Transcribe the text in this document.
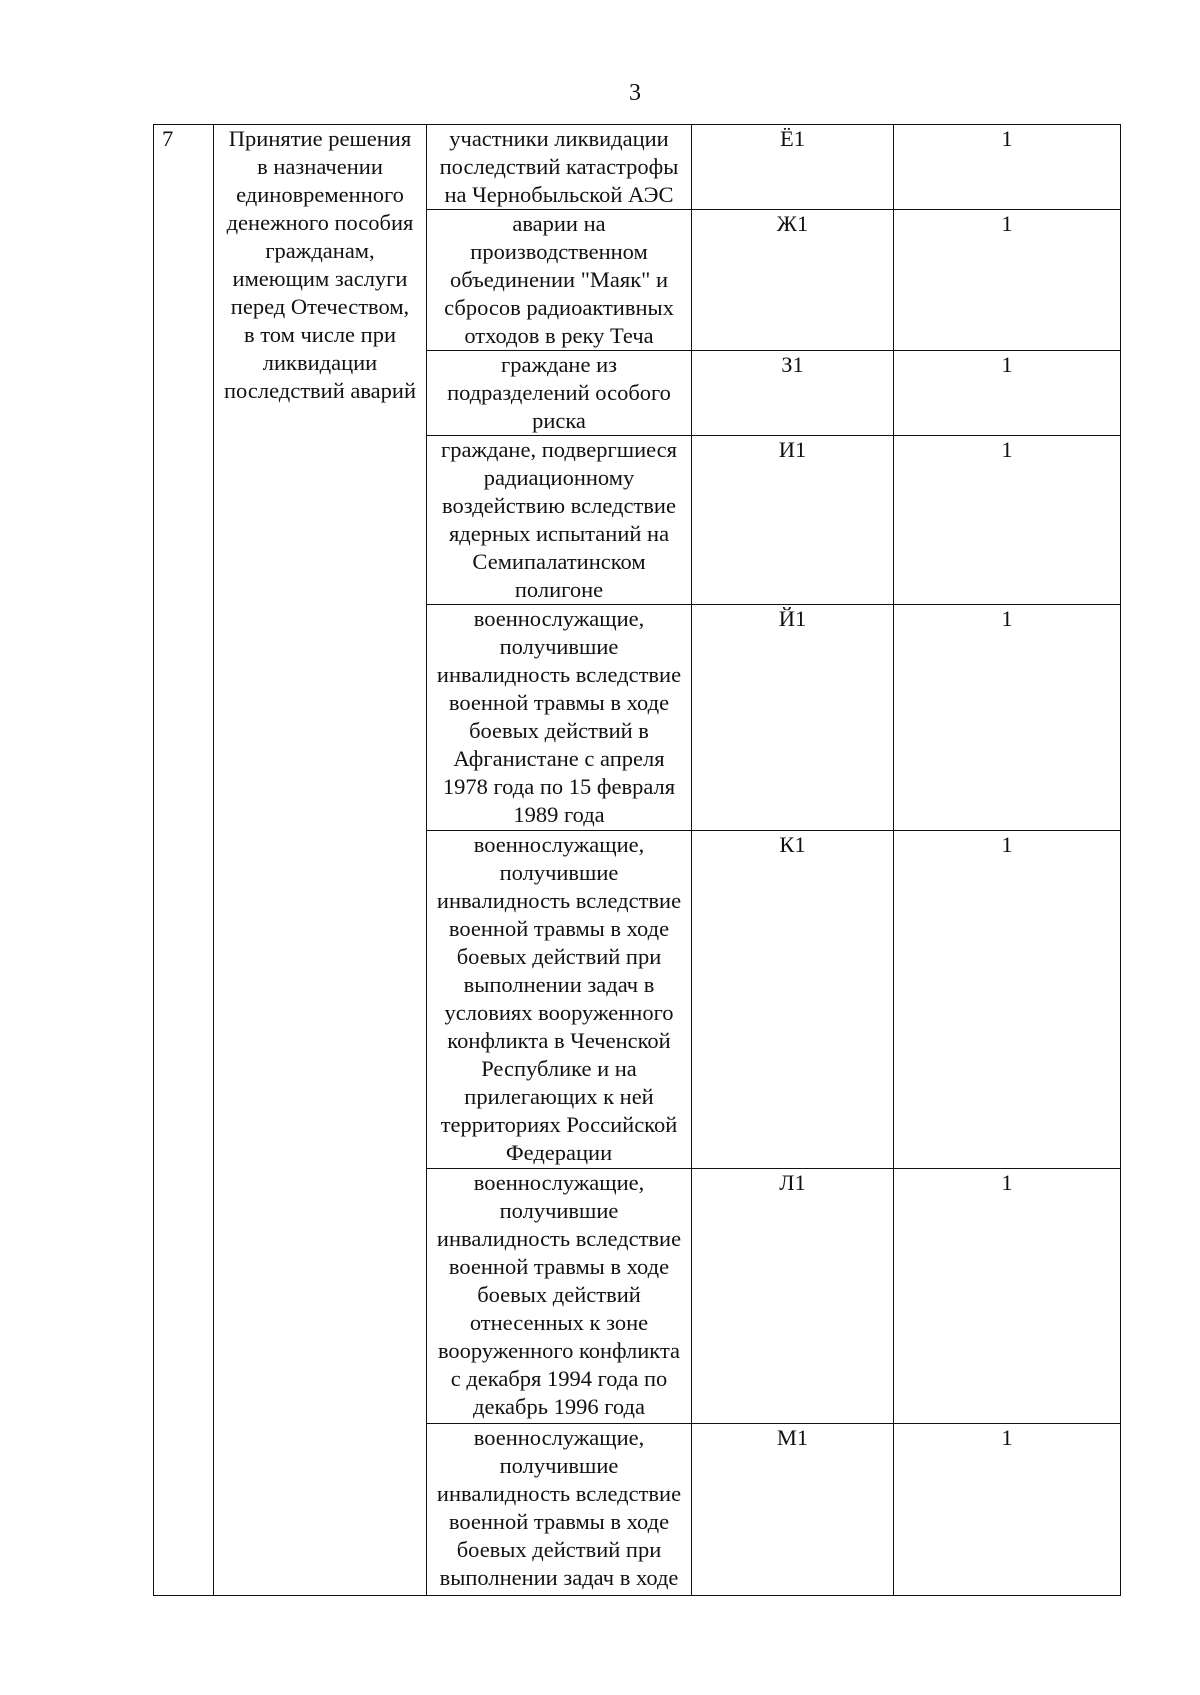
3
7	Принятие решения в назначении единовременного денежного пособия гражданам, имеющим заслуги перед Отечеством, в том числе при ликвидации последствий аварий	участники ликвидации последствий катастрофы на Чернобыльской АЭС	Ё1	1
		аварии на производственном объединении "Маяк" и сбросов радиоактивных отходов в реку Теча	Ж1	1
		граждане из подразделений особого риска	З1	1
		граждане, подвергшиеся радиационному воздействию вследствие ядерных испытаний на Семипалатинском полигоне	И1	1
		военнослужащие, получившие инвалидность вследствие военной травмы в ходе боевых действий в Афганистане с апреля 1978 года по 15 февраля 1989 года	Й1	1
		военнослужащие, получившие инвалидность вследствие военной травмы в ходе боевых действий при выполнении задач в условиях вооруженного конфликта в Чеченской Республике и на прилегающих к ней территориях Российской Федерации	К1	1
		военнослужащие, получившие инвалидность вследствие военной травмы в ходе боевых действий отнесенных к зоне вооруженного конфликта с декабря 1994 года по декабрь 1996 года	Л1	1
		военнослужащие, получившие инвалидность вследствие военной травмы в ходе боевых действий при выполнении задач в ходе	М1	1
